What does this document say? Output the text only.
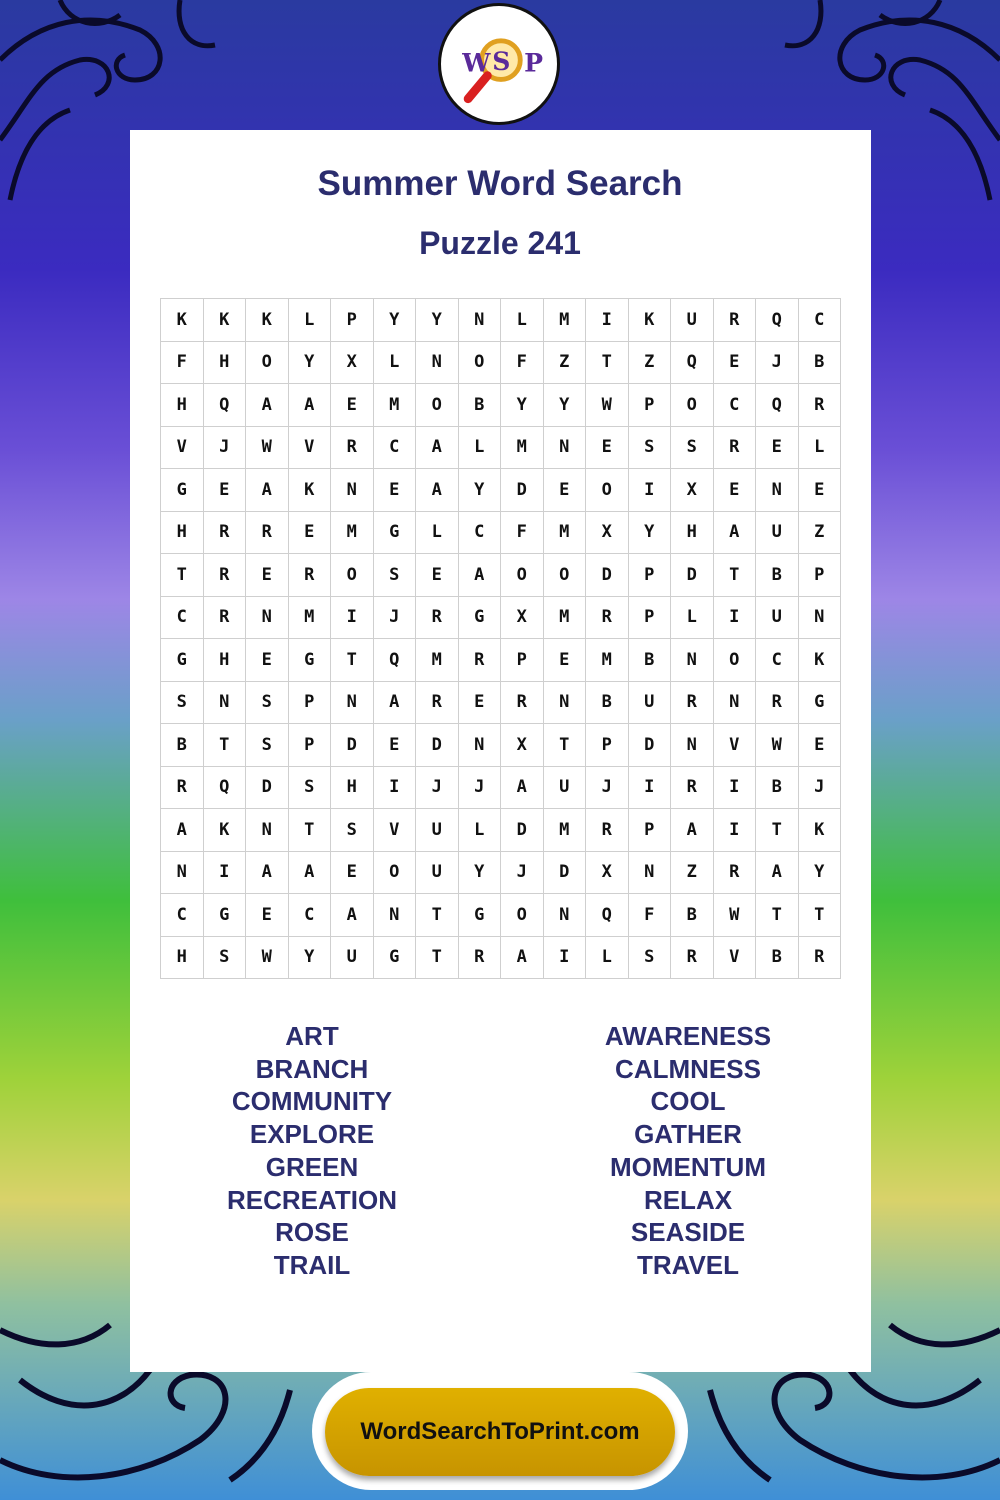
W S P
Summer Word Search
Puzzle 241
K	K	K	L	P	Y	Y	N	L	M	I	K	U	R	Q	C
F	H	O	Y	X	L	N	O	F	Z	T	Z	Q	E	J	B
H	Q	A	A	E	M	O	B	Y	Y	W	P	O	C	Q	R
V	J	W	V	R	C	A	L	M	N	E	S	S	R	E	L
G	E	A	K	N	E	A	Y	D	E	O	I	X	E	N	E
H	R	R	E	M	G	L	C	F	M	X	Y	H	A	U	Z
T	R	E	R	O	S	E	A	O	O	D	P	D	T	B	P
C	R	N	M	I	J	R	G	X	M	R	P	L	I	U	N
G	H	E	G	T	Q	M	R	P	E	M	B	N	O	C	K
S	N	S	P	N	A	R	E	R	N	B	U	R	N	R	G
B	T	S	P	D	E	D	N	X	T	P	D	N	V	W	E
R	Q	D	S	H	I	J	J	A	U	J	I	R	I	B	J
A	K	N	T	S	V	U	L	D	M	R	P	A	I	T	K
N	I	A	A	E	O	U	Y	J	D	X	N	Z	R	A	Y
C	G	E	C	A	N	T	G	O	N	Q	F	B	W	T	T
H	S	W	Y	U	G	T	R	A	I	L	S	R	V	B	R
ART
BRANCH
COMMUNITY
EXPLORE
GREEN
RECREATION
ROSE
TRAIL
AWARENESS
CALMNESS
COOL
GATHER
MOMENTUM
RELAX
SEASIDE
TRAVEL
WordSearchToPrint.com
